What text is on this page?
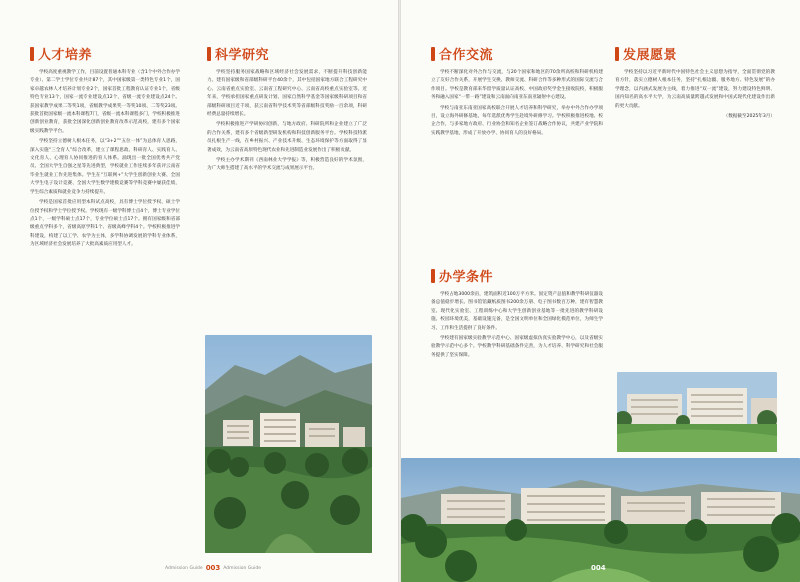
人才培养

学校高度重视教学工作，目前设置普通本科专业（含1个中外合作办学专业）、第二学士学位专业共计87个，其中国家级第一类特色专业1个，国家卓越农林人才培养计划专业2个，国家首批工程教育认证专业1个，省级特色专业13个，国家一流专业建设点12个，省级一流专业建设点24个。获国家教学成果二等奖1项，省级教学成果奖一等奖10项、二等奖23项。获批首批国家级一流本科课程7门，省级一流本科课程多门，学校积极推进创新创业教育，获批全国深化创新创业教育改革示范高校，建有多个国家级实践教学平台。

学校坚持立德树人根本任务，以“3+2”“五位一体”为总体育人思路，深入实施“三全育人”综合改革，建立了课程思政、科研育人、实践育人、文化育人、心理育人协同推进的育人体系。涌现出一批全国优秀共产党员、全国大学生自强之星等先进典型，学校就业工作连续多年获评云南省毕业生就业工作先进集体。学生在“互联网+”大学生创新创业大赛、全国大学生电子设计竞赛、全国大学生数学建模竞赛等学科竞赛中屡获佳绩，学生综合素质和就业竞争力持续提升。

学校是国家首批应用型本科试点高校，具有博士学位授予权、硕士学位授予权和学士学位授予权。学校现有一级学科博士点4个，博士专业学位点1个，一级学科硕士点17个，专业学位硕士点17个。拥有国家级和省部级重点学科多个，省级高原学科1个、省级高峰学科4个。学校积极推进学科建设，构建了以工学、农学为主体，多学科协调发展的学科专业体系，为区域经济社会发展培养了大批高素质应用型人才。

科学研究

学校坚持服务国家战略和区域经济社会发展需求，不断提升科技创新能力。建有国家级和省部级科研平台40余个，其中包括国家地方联合工程研究中心、云南省重点实验室、云南省工程研究中心、云南省高校重点实验室等。近年来，学校承担国家重点研发计划、国家自然科学基金等国家级科研项目和省部级科研项目近千项，获云南省科学技术奖等省部级科技奖励一百余项，科研经费总量持续增长。

学校积极推进产学研协同创新，与地方政府、科研院所和企业建立了广泛的合作关系，建有多个省级新型研发机构和科技创新服务平台。学校科技特派员扎根生产一线，在乡村振兴、产业技术升级、生态环境保护等方面取得了显著成效，为云南省高原特色现代农业和先进制造业发展作出了积极贡献。

学校主办学术期刊《西南林业大学学报》等，积极营造良好的学术氛围，为广大师生搭建了高水平的学术交流与成果展示平台。

Admission Guide 003 Admission Guide
合作交流

学校不断深化对外合作与交流，与20个国家和地区的70余所高校和科研机构建立了友好合作关系，开展学生交换、教师交流、科研合作等多种形式的国际交流与合作项目。学校是教育部来华留学质量认证高校、中国政府奖学金生接收院校，积极服务和融入国家“一带一路”建设和云南面向南亚东南亚辐射中心建设。

学校与南亚东南亚国家高校联合开展人才培养和科学研究，举办中外合作办学项目，设立海外研修基地，每年选派优秀学生赴境外研修学习。学校积极推进校地、校企合作，与多家地方政府、行业协会和知名企业签订战略合作协议，共建产业学院和实践教学基地，形成了开放办学、协同育人的良好格局。

办学条件

学校占地3000余亩，建筑面积近100万平方米。固定资产总值和教学科研仪器设备总值稳步增长。图书馆馆藏纸质图书200余万册、电子图书数百万种，建有智慧教室、现代化实验室、工程训练中心和大学生创新创业基地等一批先进的教学科研设施。校园环境优美，基础设施完备，是全国文明单位和全国绿化模范单位，为师生学习、工作和生活提供了良好条件。

学校建有国家级实验教学示范中心、国家级虚拟仿真实验教学中心，以及省级实验教学示范中心多个。学校教学科研基础条件完善，为人才培养、科学研究和社会服务提供了坚实保障。

发展愿景

学校坚持以习近平新时代中国特色社会主义思想为指导，全面贯彻党的教育方针，落实立德树人根本任务，坚持“扎根边疆、服务地方、特色发展”的办学理念，以内涵式发展为主线，着力推进“双一流”建设，努力建设特色鲜明、国内知名的高水平大学，为云南高质量跨越式发展和中国式现代化建设作出新的更大贡献。

（数据截至2025年3月）

004
